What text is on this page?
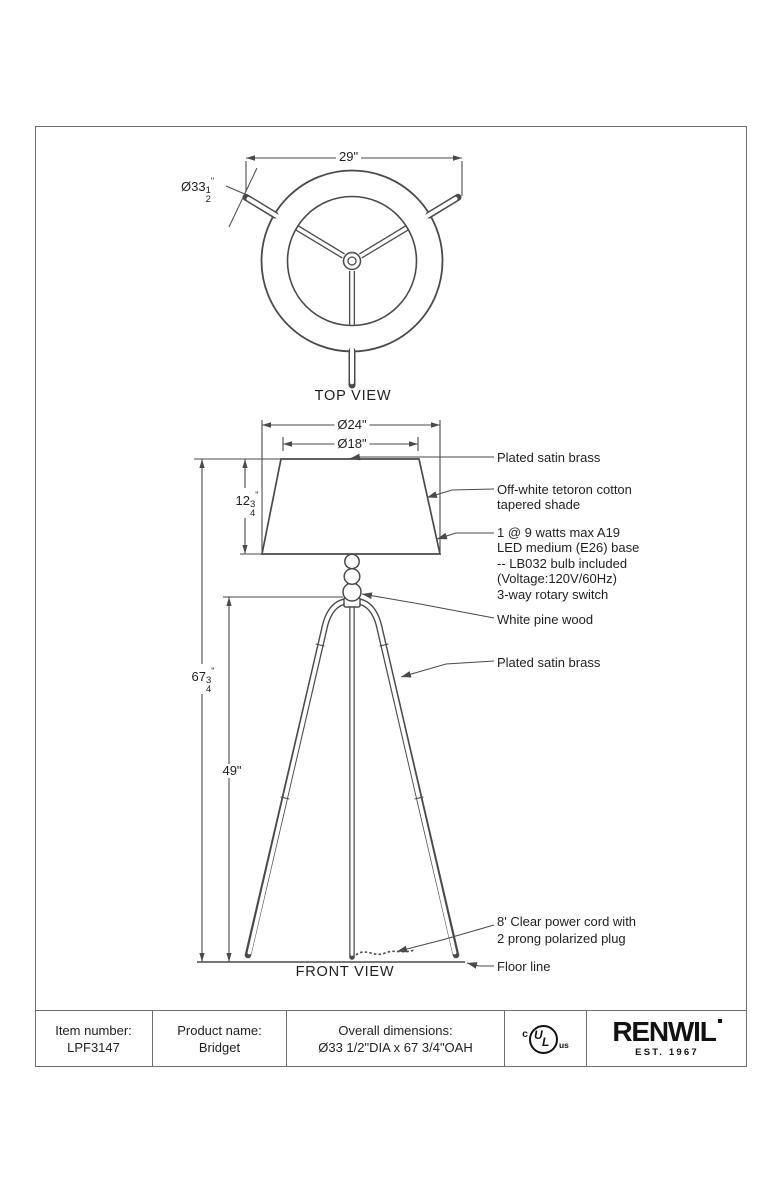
29"
Ø33 1
2
"
TOP VIEW
Ø24"
Ø18"
12 3
4
"
67 3
4
"
49"
FRONT VIEW
Plated satin brass
Off-white tetoron cotton
tapered shade
1 @ 9 watts max A19
LED medium (E26) base
-- LB032 bulb included
(Voltage:120V/60Hz)
3-way rotary switch
White pine wood
Plated satin brass
8' Clear power cord with
2 prong polarized plug
Floor line
Item number:
LPF3147
Product name:
Bridget
Overall dimensions:
Ø33 1/2"DIA x 67 3/4"OAH
c U L us RENWIL
EST. 1967
